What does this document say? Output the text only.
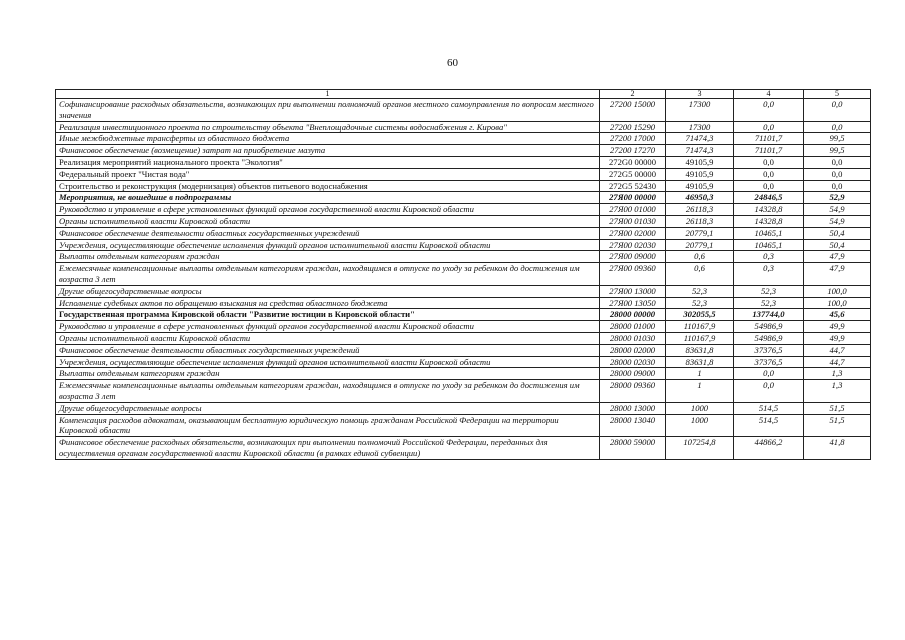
60
1	2	3	4	5
Софинансирование расходных обязательств, возникающих при выполнении полномочий органов местного самоуправления по вопросам местного значения	27200 15000	17300	0,0	0,0
Реализация инвестиционного проекта по строительству объекта "Внеплощадочные системы водоснабжения г. Кирова"	27200 15290	17300	0,0	0,0
Иные межбюджетные трансферты из областного бюджета	27200 17000	71474,3	71101,7	99,5
Финансовое обеспечение (возмещение) затрат на приобретение мазута	27200 17270	71474,3	71101,7	99,5
Реализация мероприятий национального проекта "Экология"	272G0 00000	49105,9	0,0	0,0
Федеральный проект "Чистая вода"	272G5 00000	49105,9	0,0	0,0
Строительство и реконструкция (модернизация) объектов питьевого водоснабжения	272G5 52430	49105,9	0,0	0,0
Мероприятия, не вошедшие в подпрограммы	27Я00 00000	46950,3	24846,5	52,9
Руководство и управление в сфере установленных функций органов государственной власти Кировской области	27Я00 01000	26118,3	14328,8	54,9
Органы исполнительной власти Кировской области	27Я00 01030	26118,3	14328,8	54,9
Финансовое обеспечение деятельности областных государственных учреждений	27Я00 02000	20779,1	10465,1	50,4
Учреждения, осуществляющие обеспечение исполнения функций органов исполнительной власти Кировской области	27Я00 02030	20779,1	10465,1	50,4
Выплаты отдельным категориям граждан	27Я00 09000	0,6	0,3	47,9
Ежемесячные компенсационные выплаты отдельным категориям граждан, находящимся в отпуске по уходу за ребенком до достижения им возраста 3 лет	27Я00 09360	0,6	0,3	47,9
Другие общегосударственные вопросы	27Я00 13000	52,3	52,3	100,0
Исполнение судебных актов по обращению взыскания на средства областного бюджета	27Я00 13050	52,3	52,3	100,0
Государственная программа Кировской области "Развитие юстиции в Кировской области"	28000 00000	302055,5	137744,0	45,6
Руководство и управление в сфере установленных функций органов государственной власти Кировской области	28000 01000	110167,9	54986,9	49,9
Органы исполнительной власти Кировской области	28000 01030	110167,9	54986,9	49,9
Финансовое обеспечение деятельности областных государственных учреждений	28000 02000	83631,8	37376,5	44,7
Учреждения, осуществляющие обеспечение исполнения функций органов исполнительной власти Кировской области	28000 02030	83631,8	37376,5	44,7
Выплаты отдельным категориям граждан	28000 09000	1	0,0	1,3
Ежемесячные компенсационные выплаты отдельным категориям граждан, находящимся в отпуске по уходу за ребенком до достижения им возраста 3 лет	28000 09360	1	0,0	1,3
Другие общегосударственные вопросы	28000 13000	1000	514,5	51,5
Компенсация расходов адвокатам, оказывающим бесплатную юридическую помощь гражданам Российской Федерации на территории Кировской области	28000 13040	1000	514,5	51,5
Финансовое обеспечение расходных обязательств, возникающих при выполнении полномочий Российской Федерации, переданных для осуществления органам государственной власти Кировской области (в рамках единой субвенции)	28000 59000	107254,8	44866,2	41,8
